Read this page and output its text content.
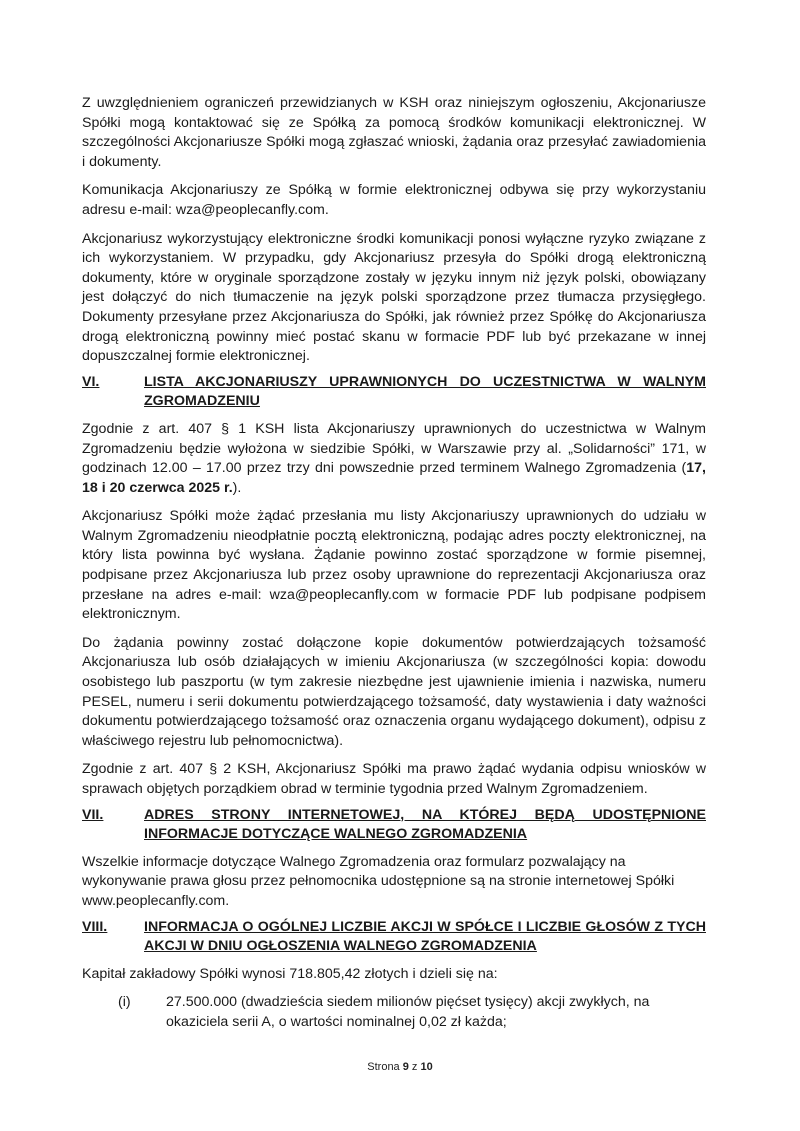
Z uwzględnieniem ograniczeń przewidzianych w KSH oraz niniejszym ogłoszeniu, Akcjonariusze Spółki mogą kontaktować się ze Spółką za pomocą środków komunikacji elektronicznej. W szczególności Akcjonariusze Spółki mogą zgłaszać wnioski, żądania oraz przesyłać zawiadomienia i dokumenty.

Komunikacja Akcjonariuszy ze Spółką w formie elektronicznej odbywa się przy wykorzystaniu adresu e-mail: wza@peoplecanfly.com.

Akcjonariusz wykorzystujący elektroniczne środki komunikacji ponosi wyłączne ryzyko związane z ich wykorzystaniem. W przypadku, gdy Akcjonariusz przesyła do Spółki drogą elektroniczną dokumenty, które w oryginale sporządzone zostały w języku innym niż język polski, obowiązany jest dołączyć do nich tłumaczenie na język polski sporządzone przez tłumacza przysięgłego. Dokumenty przesyłane przez Akcjonariusza do Spółki, jak również przez Spółkę do Akcjonariusza drogą elektroniczną powinny mieć postać skanu w formacie PDF lub być przekazane w innej dopuszczalnej formie elektronicznej.

VI.	LISTA AKCJONARIUSZY UPRAWNIONYCH DO UCZESTNICTWA W WALNYM ZGROMADZENIU

Zgodnie z art. 407 § 1 KSH lista Akcjonariuszy uprawnionych do uczestnictwa w Walnym Zgromadzeniu będzie wyłożona w siedzibie Spółki, w Warszawie przy al. „Solidarności” 171, w godzinach 12.00 – 17.00 przez trzy dni powszednie przed terminem Walnego Zgromadzenia (17, 18 i 20 czerwca 2025 r.).

Akcjonariusz Spółki może żądać przesłania mu listy Akcjonariuszy uprawnionych do udziału w Walnym Zgromadzeniu nieodpłatnie pocztą elektroniczną, podając adres poczty elektronicznej, na który lista powinna być wysłana. Żądanie powinno zostać sporządzone w formie pisemnej, podpisane przez Akcjonariusza lub przez osoby uprawnione do reprezentacji Akcjonariusza oraz przesłane na adres e-mail: wza@peoplecanfly.com w formacie PDF lub podpisane podpisem elektronicznym.

Do żądania powinny zostać dołączone kopie dokumentów potwierdzających tożsamość Akcjonariusza lub osób działających w imieniu Akcjonariusza (w szczególności kopia: dowodu osobistego lub paszportu (w tym zakresie niezbędne jest ujawnienie imienia i nazwiska, numeru PESEL, numeru i serii dokumentu potwierdzającego tożsamość, daty wystawienia i daty ważności dokumentu potwierdzającego tożsamość oraz oznaczenia organu wydającego dokument), odpisu z właściwego rejestru lub pełnomocnictwa).

Zgodnie z art. 407 § 2 KSH, Akcjonariusz Spółki ma prawo żądać wydania odpisu wniosków w sprawach objętych porządkiem obrad w terminie tygodnia przed Walnym Zgromadzeniem.

VII.	ADRES STRONY INTERNETOWEJ, NA KTÓREJ BĘDĄ UDOSTĘPNIONE INFORMACJE DOTYCZĄCE WALNEGO ZGROMADZENIA

Wszelkie informacje dotyczące Walnego Zgromadzenia oraz formularz pozwalający na wykonywanie prawa głosu przez pełnomocnika udostępnione są na stronie internetowej Spółki www.peoplecanfly.com.

VIII.	INFORMACJA O OGÓLNEJ LICZBIE AKCJI W SPÓŁCE I LICZBIE GŁOSÓW Z TYCH AKCJI W DNIU OGŁOSZENIA WALNEGO ZGROMADZENIA

Kapitał zakładowy Spółki wynosi 718.805,42 złotych i dzieli się na:

(i)	27.500.000 (dwadzieścia siedem milionów pięćset tysięcy) akcji zwykłych, na okaziciela serii A, o wartości nominalnej 0,02 zł każda;
Strona 9 z 10
